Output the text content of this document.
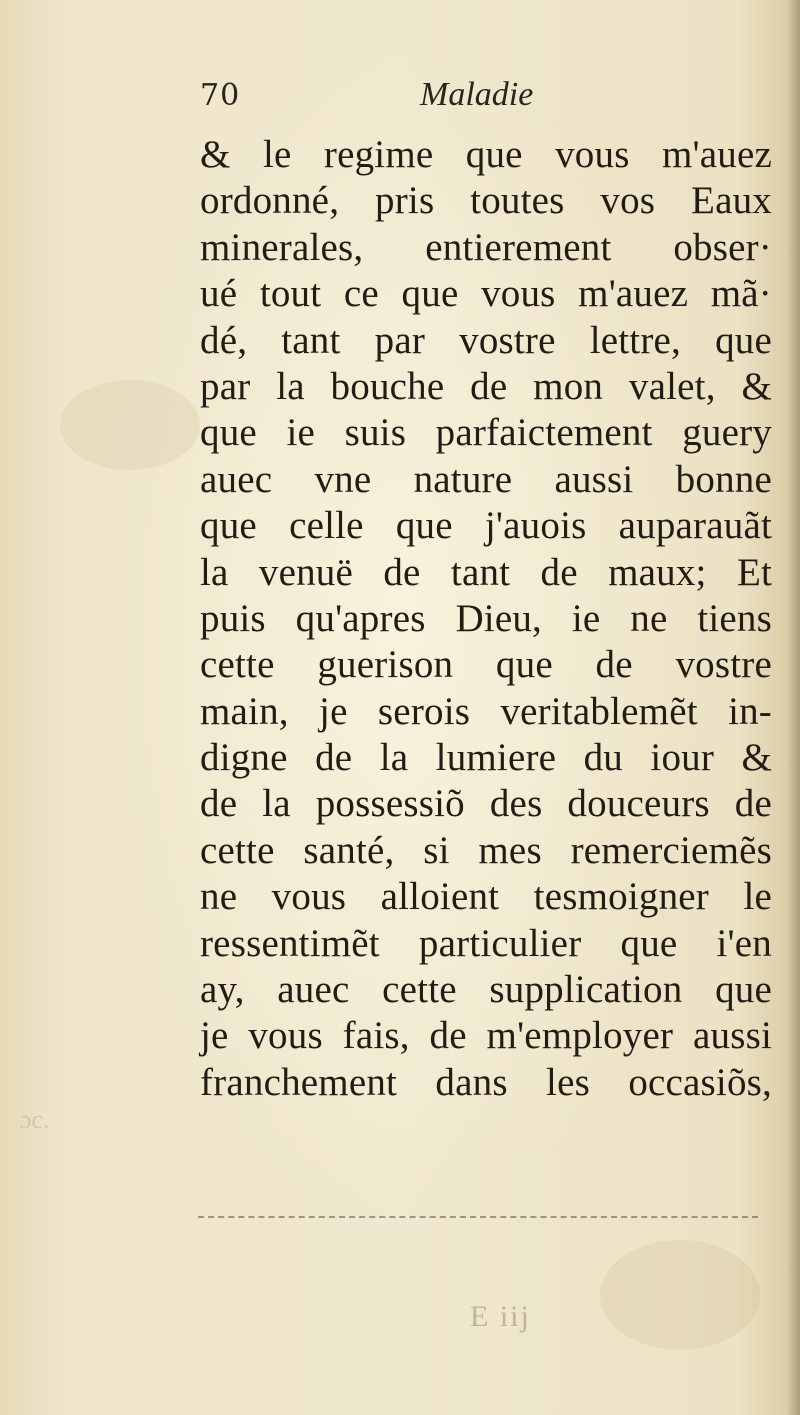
ɔc.
70	Maladie
& le regime que vous m'auez
ordonné, pris toutes vos Eaux
minerales, entierement obser·
ué tout ce que vous m'auez mã·
dé, tant par vostre lettre, que
par la bouche de mon valet, &
que ie suis parfaictement guery
auec vne nature aussi bonne
que celle que j'auois auparauãt
la venuë de tant de maux; Et
puis qu'apres Dieu, ie ne tiens
cette guerison que de vostre
main, je serois veritablemẽt in-
digne de la lumiere du iour &
de la possessiõ des douceurs de
cette santé, si mes remerciemẽs
ne vous alloient tesmoigner le
ressentimẽt particulier que i'en
ay, auec cette supplication que
je vous fais, de m'employer aussi
franchement dans les occasiõs,
E iij
